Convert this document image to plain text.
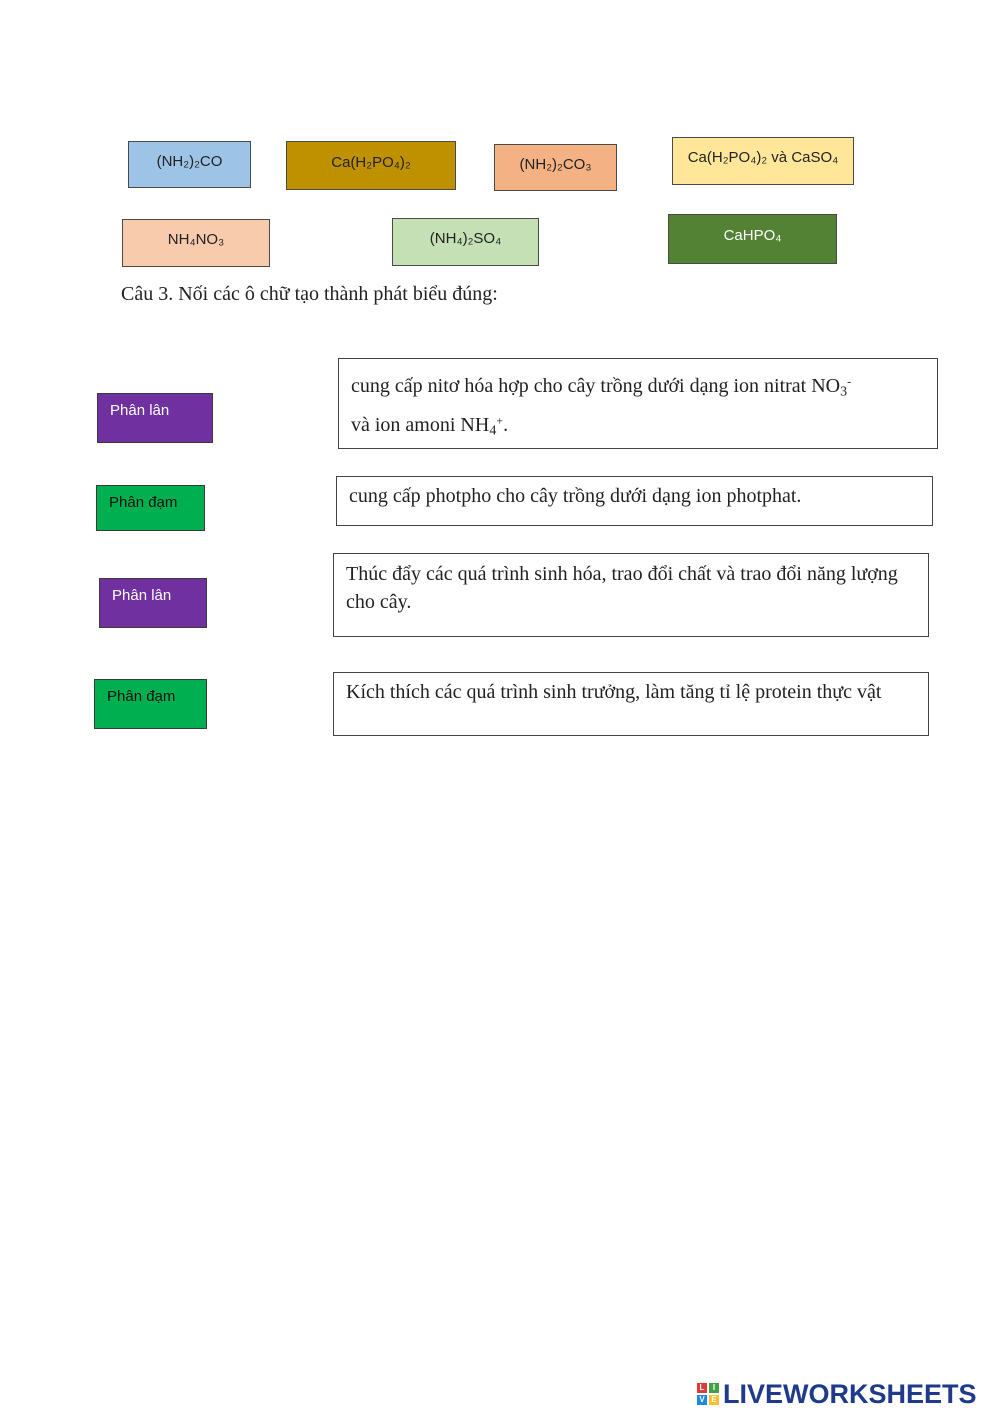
(NH₂)₂CO	Ca(H₂PO₄)₂	(NH₂)₂CO₃	Ca(H₂PO₄)₂ và CaSO₄
NH₄NO₃	(NH₄)₂SO₄	CaHPO₄
Câu 3. Nối các ô chữ tạo thành phát biểu đúng:
Phân lân
Phân đạm
Phân lân
Phân đạm
cung cấp nitơ hóa hợp cho cây trồng dưới dạng ion nitrat $NO_3^-$
và ion amoni $NH_4^+$.
cung cấp photpho cho cây trồng dưới dạng ion photphat.
Thúc đẩy các quá trình sinh hóa, trao đổi chất và trao đổi năng lượng cho cây.
Kích thích các quá trình sinh trưởng, làm tăng tỉ lệ protein thực vật
L	I
V E LIVEWORKSHEETS
